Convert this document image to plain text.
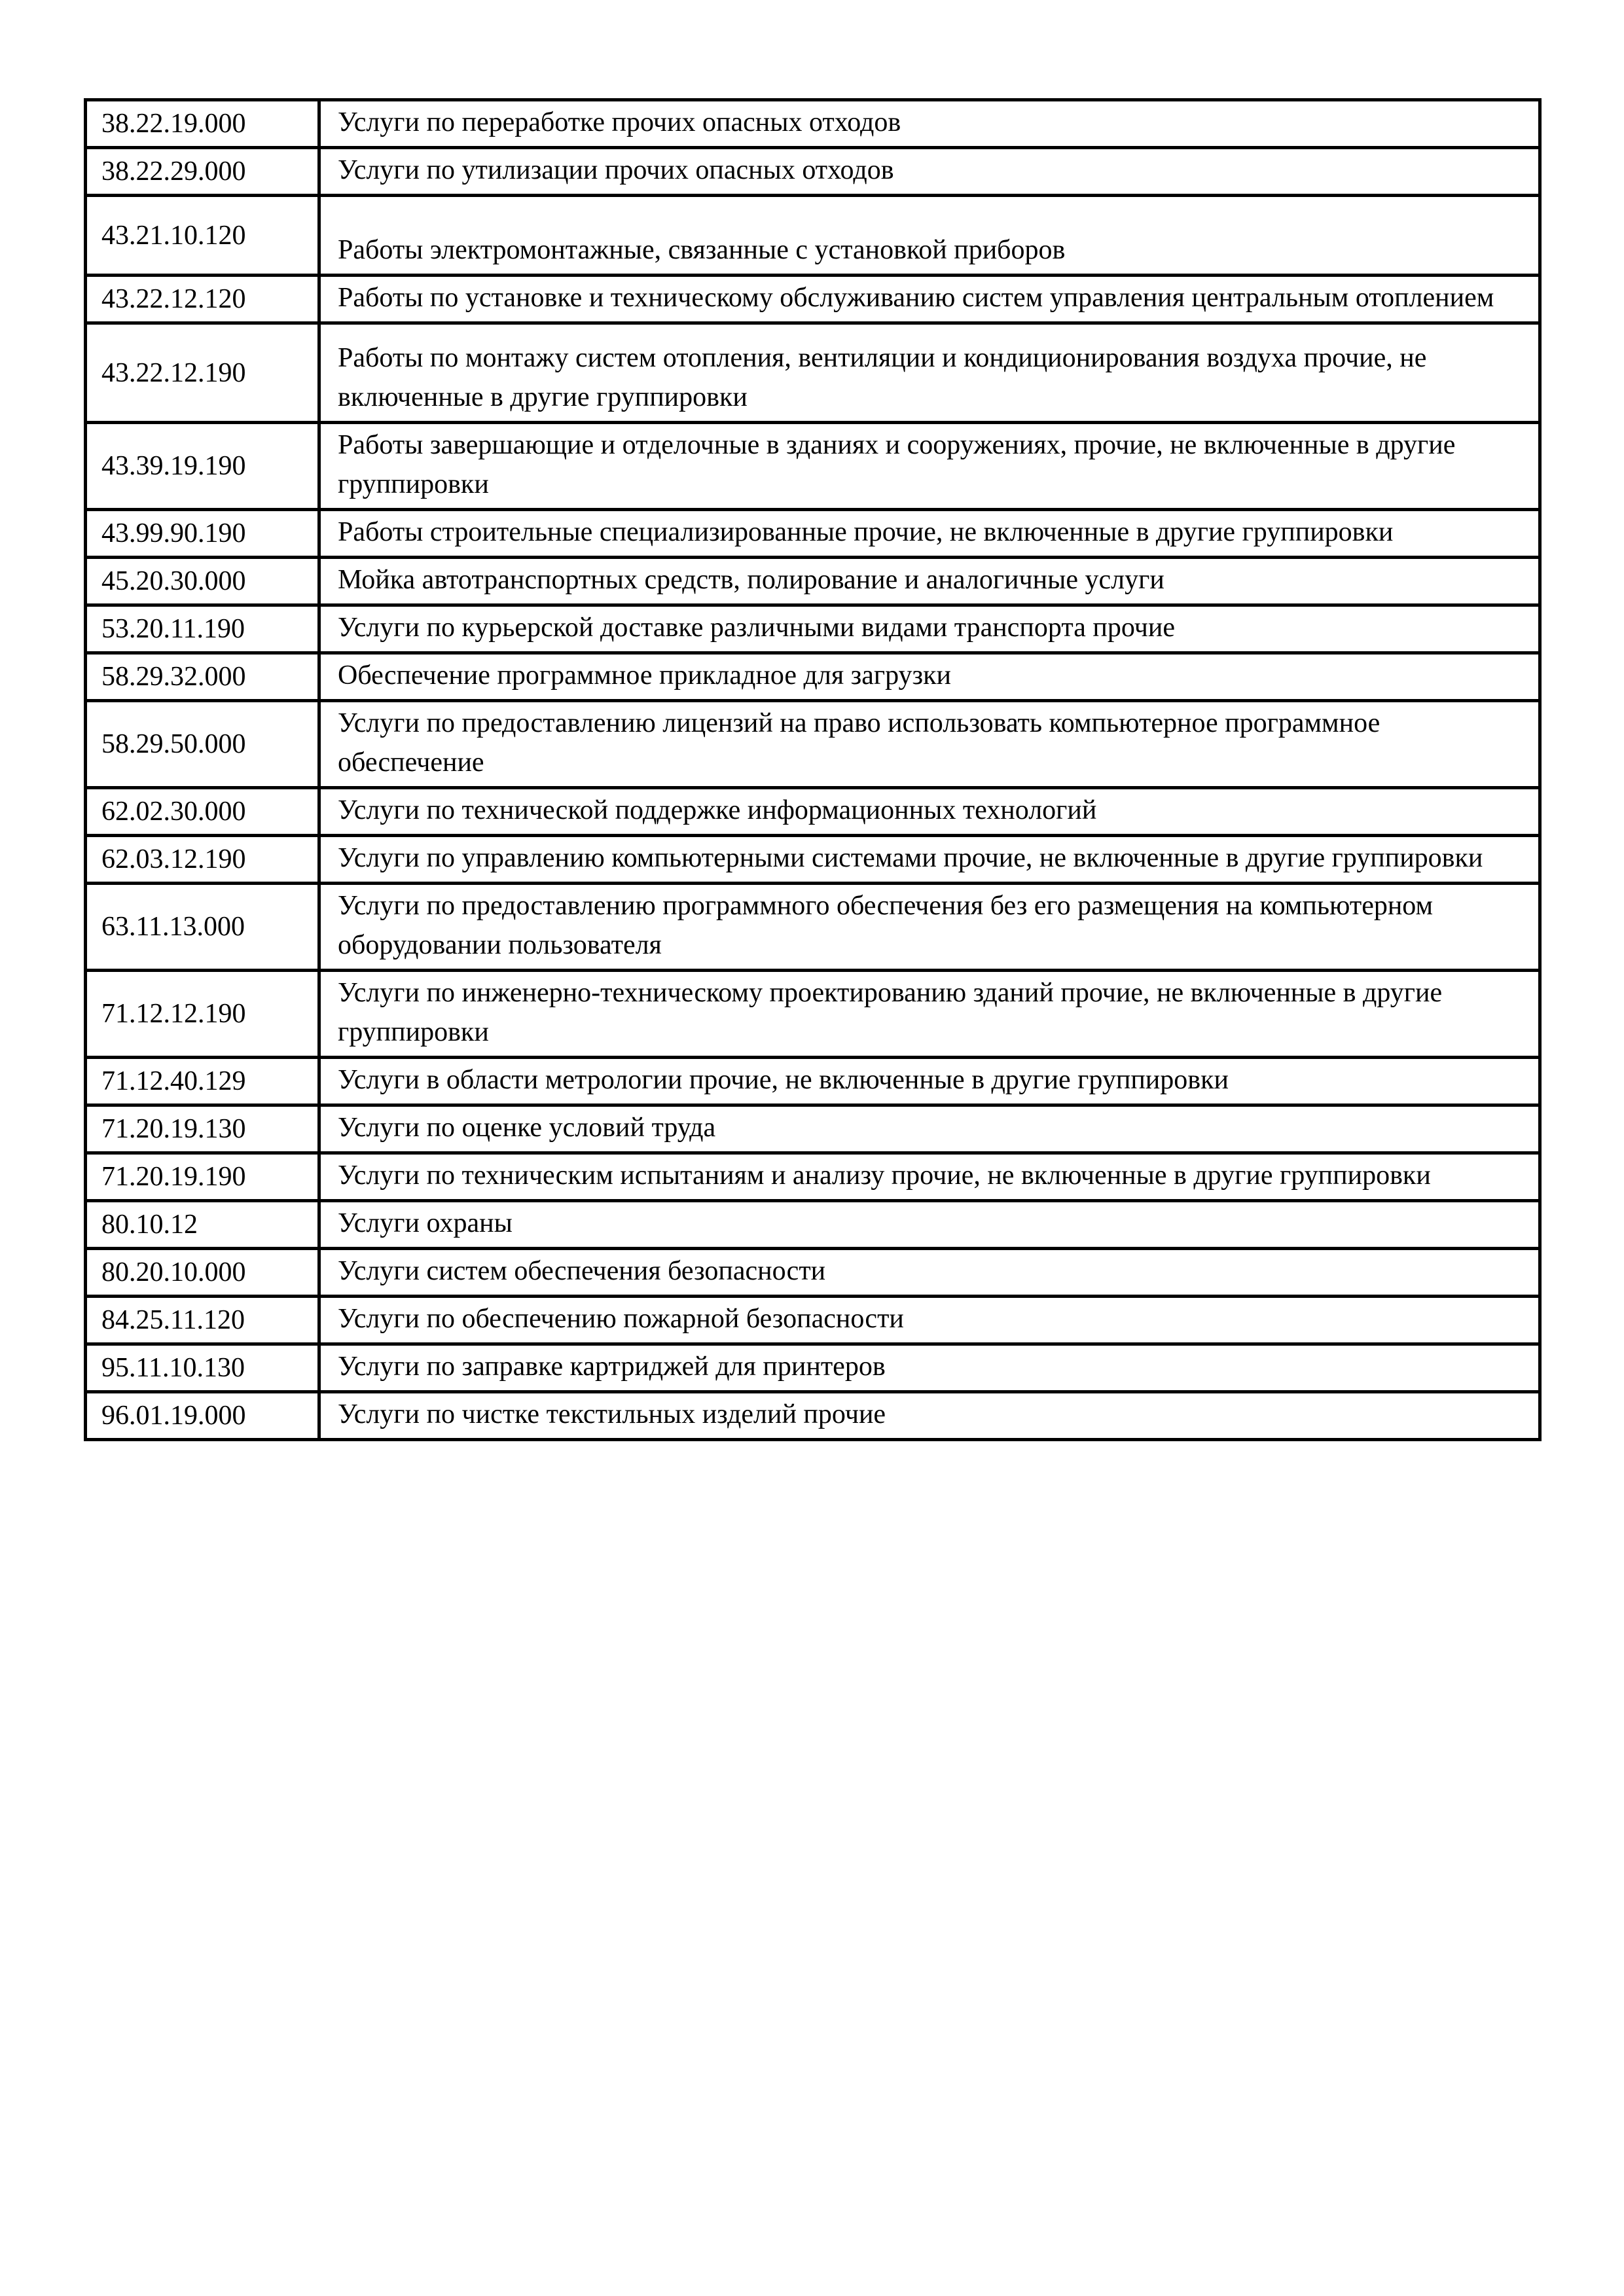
38.22.19.000	Услуги по переработке прочих опасных отходов
38.22.29.000	Услуги по утилизации прочих опасных отходов
43.21.10.120	Работы электромонтажные, связанные с установкой приборов
43.22.12.120	Работы по установке и техническому обслуживанию систем управления центральным отоплением
43.22.12.190	Работы по монтажу систем отопления, вентиляции и кондиционирования воздуха прочие, не включенные в другие группировки
43.39.19.190	Работы завершающие и отделочные в зданиях и сооружениях, прочие, не включенные в другие группировки
43.99.90.190	Работы строительные специализированные прочие, не включенные в другие группировки
45.20.30.000	Мойка автотранспортных средств, полирование и аналогичные услуги
53.20.11.190	Услуги по курьерской доставке различными видами транспорта прочие
58.29.32.000	Обеспечение программное прикладное для загрузки
58.29.50.000	Услуги по предоставлению лицензий на право использовать компьютерное программное обеспечение
62.02.30.000	Услуги по технической поддержке информационных технологий
62.03.12.190	Услуги по управлению компьютерными системами прочие, не включенные в другие группировки
63.11.13.000	Услуги по предоставлению программного обеспечения без его размещения на компьютерном оборудовании пользователя
71.12.12.190	Услуги по инженерно-техническому проектированию зданий прочие, не включенные в другие группировки
71.12.40.129	Услуги в области метрологии прочие, не включенные в другие группировки
71.20.19.130	Услуги по оценке условий труда
71.20.19.190	Услуги по техническим испытаниям и анализу прочие, не включенные в другие группировки
80.10.12	Услуги охраны
80.20.10.000	Услуги систем обеспечения безопасности
84.25.11.120	Услуги по обеспечению пожарной безопасности
95.11.10.130	Услуги по заправке картриджей для принтеров
96.01.19.000	Услуги по чистке текстильных изделий прочие
